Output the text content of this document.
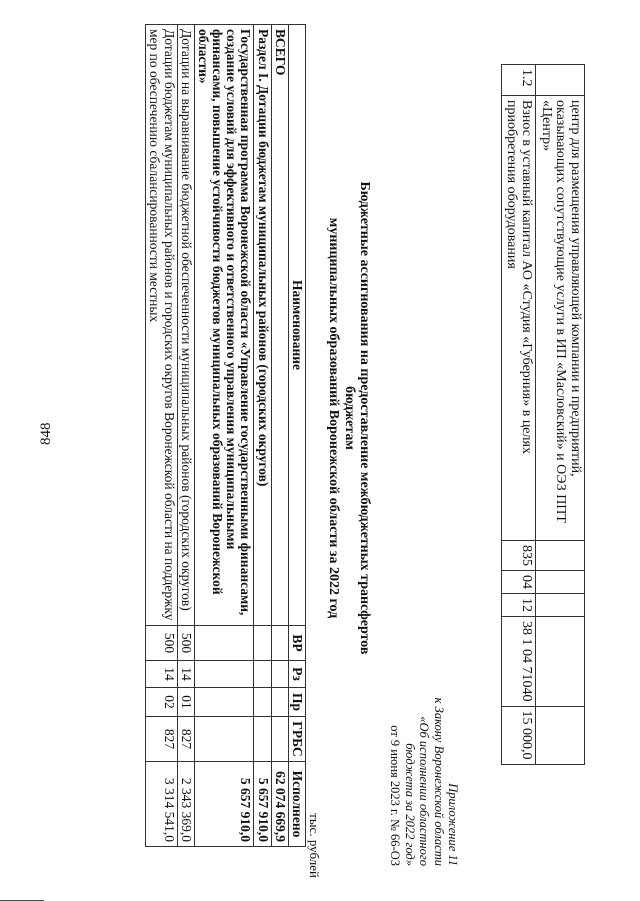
848
		центр для размещения управляющей компании и предприятий, оказывающих сопутствующие услуги в ИП «Масловский» и ОЭЗ ППТ «Центр»					
1.2	Взнос в уставный капитал АО «Студия «Губерния» в целях приобретения оборудования	835	04	12	38 1 04 71040	15 000,0
Приложение 11
к Закону Воронежской области
«Об исполнении областного
бюджета за 2022 год»
от 9 июня 2023 г. № 66-ОЗ
Бюджетные ассигнования на предоставление межбюджетных трансфертов бюджетам
муниципальных образований Воронежской области за 2022 год
тыс. рублей
Наименование	ВР	Рз	Пр	ГРБС	Исполнено
ВСЕГО					62 074 669,9
Раздел I. Дотации бюджетам муниципальных районов (городских округов)					5 657 910,0
Государственная программа Воронежской области «Управление государственными финансами, создание условий для эффективного и ответственного управления муниципальными финансами, повышение устойчивости бюджетов муниципальных образований Воронежской области»					5 657 910,0
Дотации на выравнивание бюджетной обеспеченности муниципальных районов (городских округов)	500	14	01	827	2 343 369,0
Дотации бюджетам муниципальных районов и городских округов Воронежской области на поддержку мер по обеспечению сбалансированности местных	500	14	02	827	3 314 541,0
